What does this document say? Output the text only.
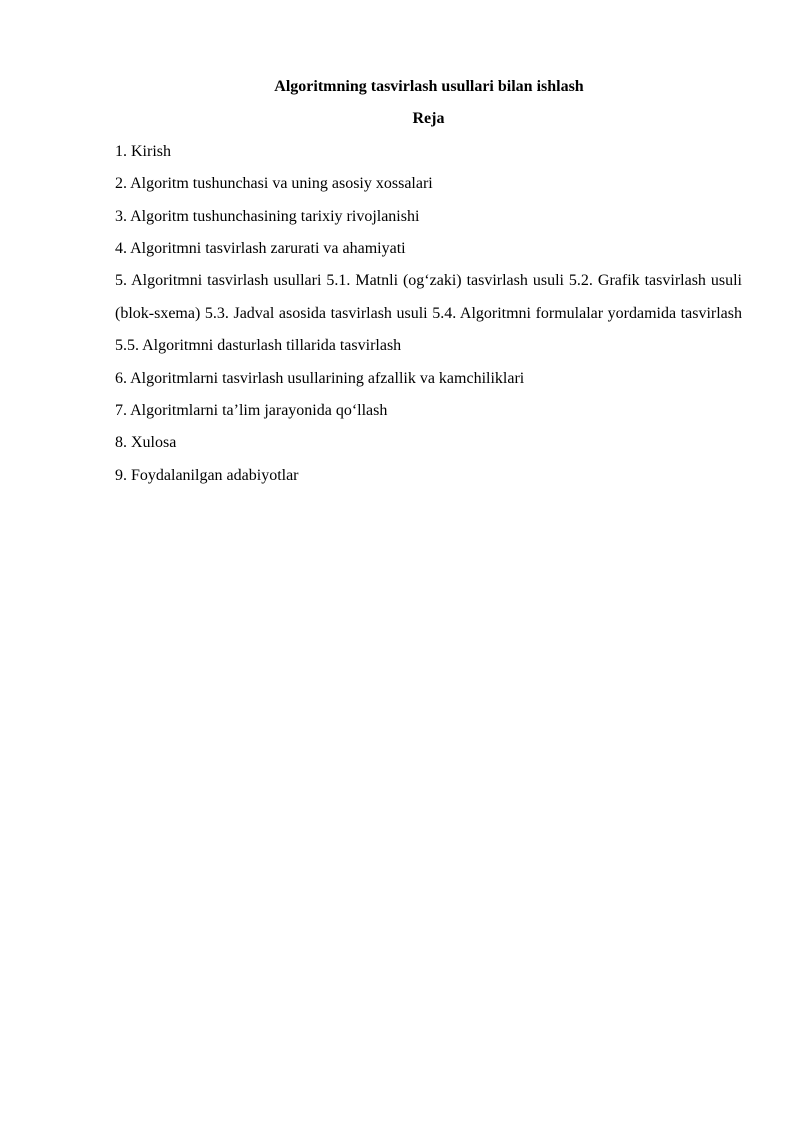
Algoritmning tasvirlash usullari bilan ishlash
Reja
1. Kirish
2. Algoritm tushunchasi va uning asosiy xossalari
3. Algoritm tushunchasining tarixiy rivojlanishi
4. Algoritmni tasvirlash zarurati va ahamiyati
5. Algoritmni tasvirlash usullari 5.1. Matnli (og‘zaki) tasvirlash usuli 5.2. Grafik tasvirlash usuli (blok-sxema) 5.3. Jadval asosida tasvirlash usuli 5.4. Algoritmni formulalar yordamida tasvirlash 5.5. Algoritmni dasturlash tillarida tasvirlash
6. Algoritmlarni tasvirlash usullarining afzallik va kamchiliklari
7. Algoritmlarni ta’lim jarayonida qo‘llash
8. Xulosa
9. Foydalanilgan adabiyotlar
